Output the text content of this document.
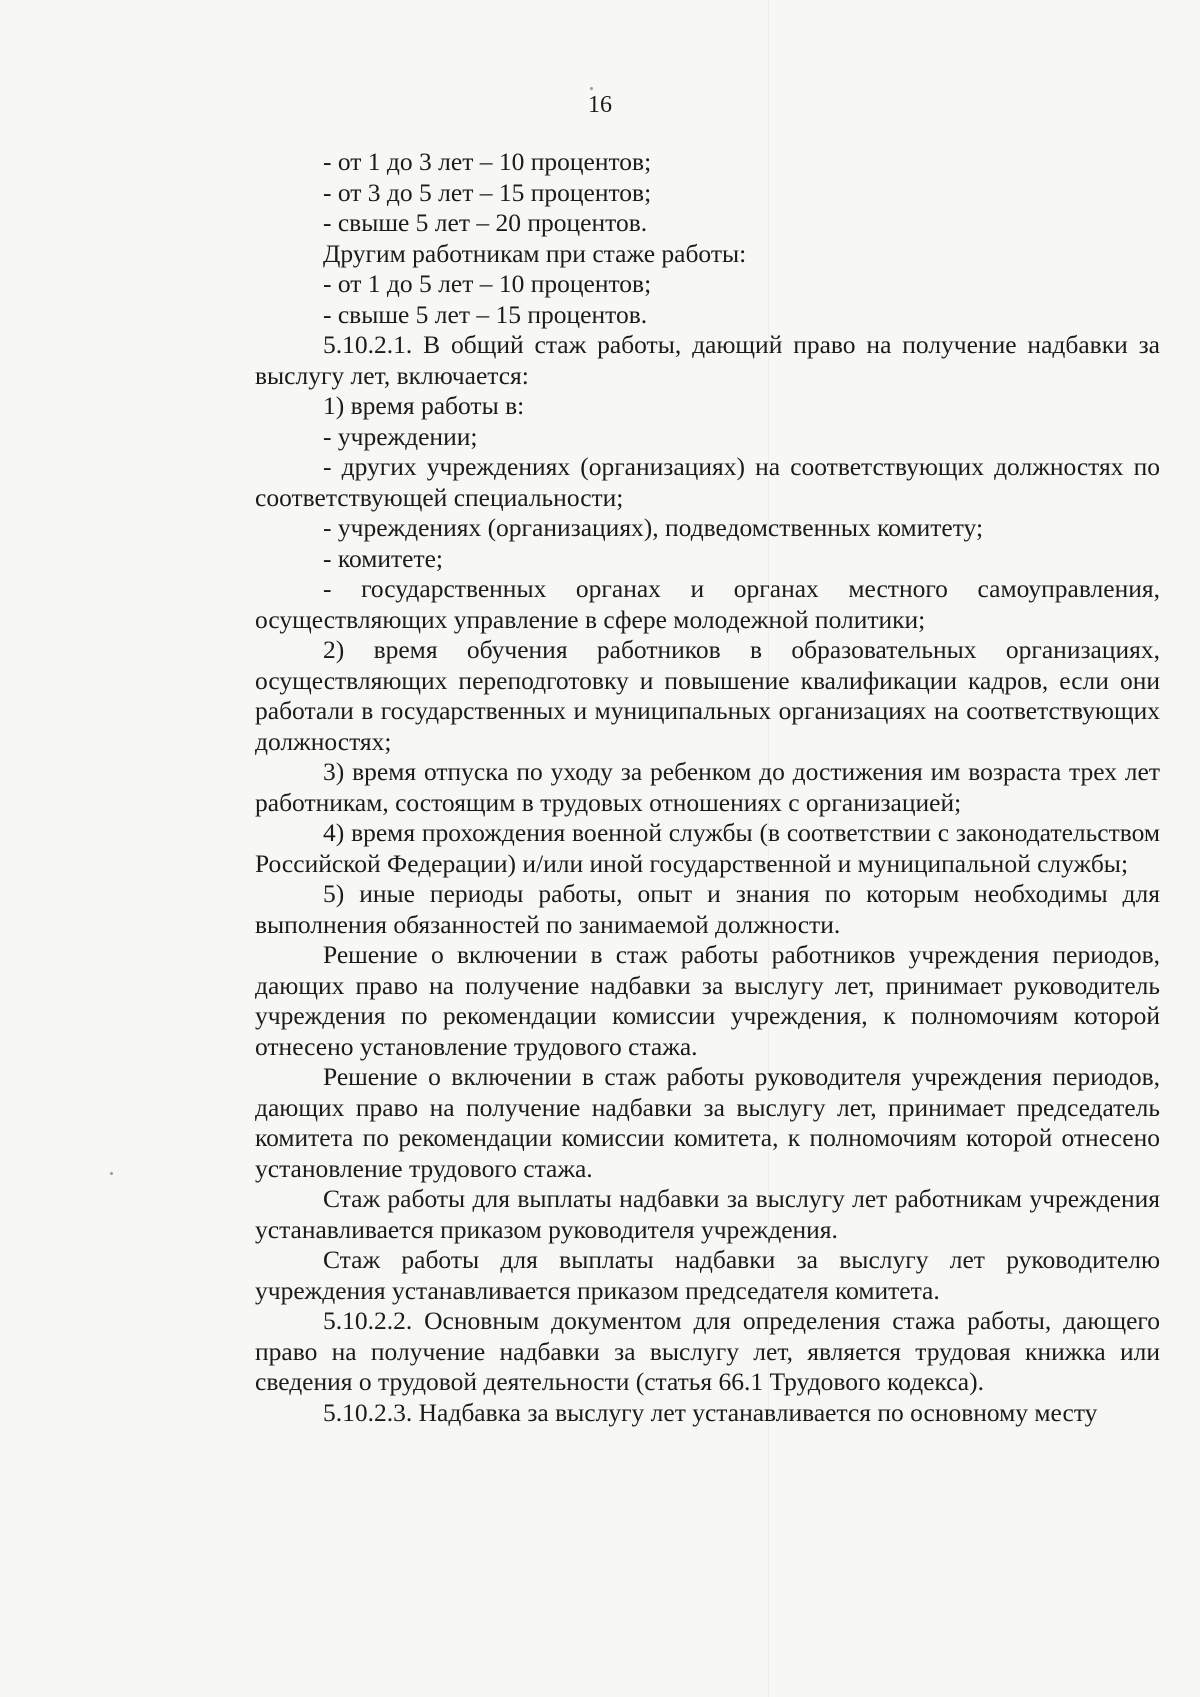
16

- от 1 до 3 лет – 10 процентов;

- от 3 до 5 лет – 15 процентов;

- свыше 5 лет – 20 процентов.

Другим работникам при стаже работы:

- от 1 до 5 лет – 10 процентов;

- свыше 5 лет – 15 процентов.

5.10.2.1. В общий стаж работы, дающий право на получение надбавки за выслугу лет, включается:

1) время работы в:

- учреждении;

- других учреждениях (организациях) на соответствующих должностях по соответствующей специальности;

- учреждениях (организациях), подведомственных комитету;

- комитете;

- государственных органах и органах местного самоуправления, осуществляющих управление в сфере молодежной политики;

2) время обучения работников в образовательных организациях, осуществляющих переподготовку и повышение квалификации кадров, если они работали в государственных и муниципальных организациях на соответствующих должностях;

3) время отпуска по уходу за ребенком до достижения им возраста трех лет работникам, состоящим в трудовых отношениях с организацией;

4) время прохождения военной службы (в соответствии с законодательством Российской Федерации) и/или иной государственной и муниципальной службы;

5) иные периоды работы, опыт и знания по которым необходимы для выполнения обязанностей по занимаемой должности.

Решение о включении в стаж работы работников учреждения периодов, дающих право на получение надбавки за выслугу лет, принимает руководитель учреждения по рекомендации комиссии учреждения, к полномочиям которой отнесено установление трудового стажа.

Решение о включении в стаж работы руководителя учреждения периодов, дающих право на получение надбавки за выслугу лет, принимает председатель комитета по рекомендации комиссии комитета, к полномочиям которой отнесено установление трудового стажа.

Стаж работы для выплаты надбавки за выслугу лет работникам учреждения устанавливается приказом руководителя учреждения.

Стаж работы для выплаты надбавки за выслугу лет руководителю учреждения устанавливается приказом председателя комитета.

5.10.2.2. Основным документом для определения стажа работы, дающего право на получение надбавки за выслугу лет, является трудовая книжка или сведения о трудовой деятельности (статья 66.1 Трудового кодекса).

5.10.2.3. Надбавка за выслугу лет устанавливается по основному месту
